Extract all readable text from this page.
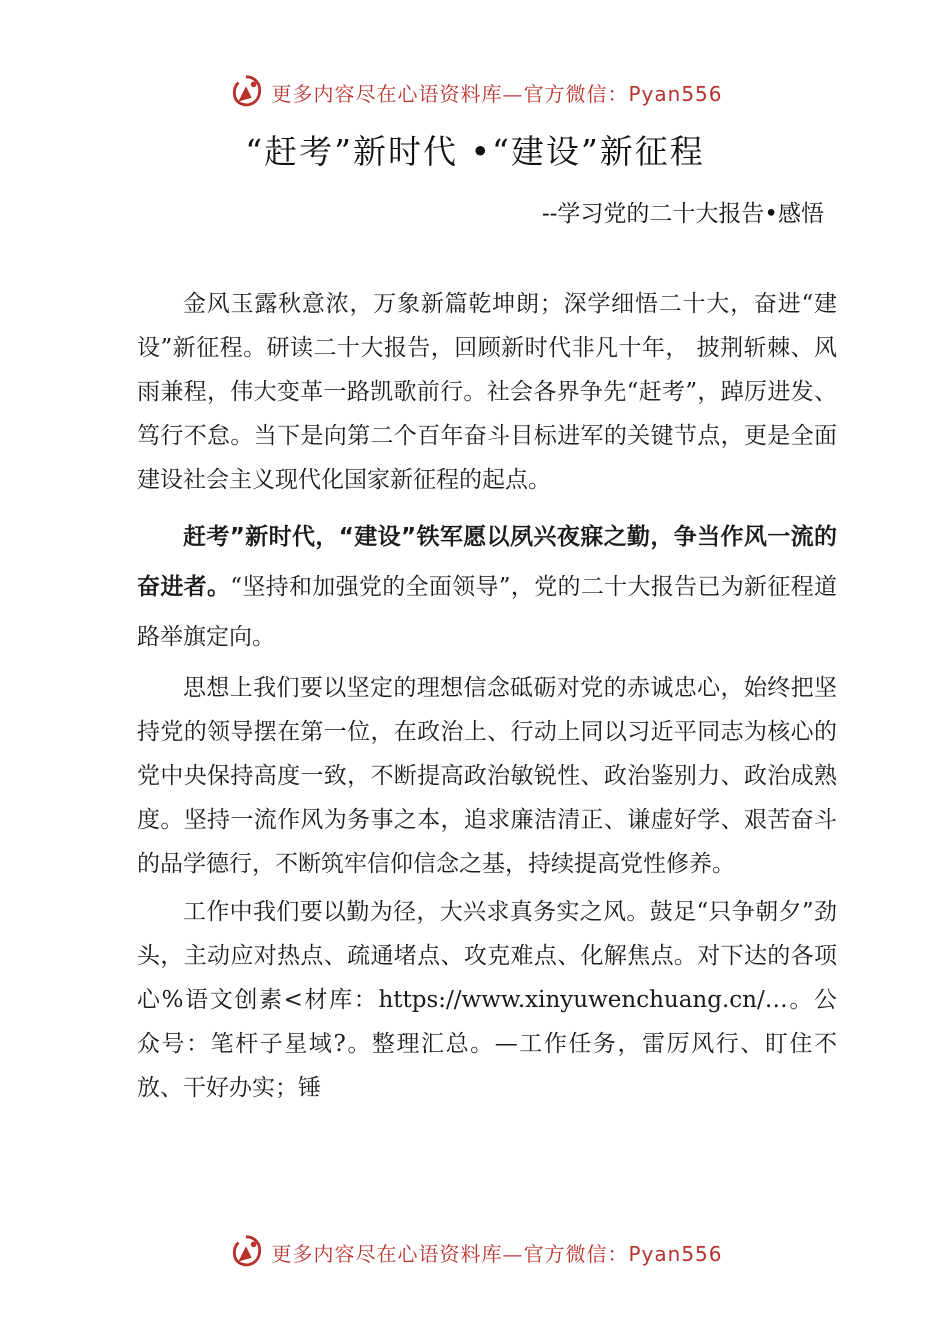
更多内容尽在心语资料库—官方微信：Pyan556
“赶考”新时代 •“建设”新征程
--学习党的二十大报告•感悟

金风玉露秋意浓，万象新篇乾坤朗；深学细悟二十大，奋进“建设”新征程。研读二十大报告，回顾新时代非凡十年， 披荆斩棘、风雨兼程，伟大变革一路凯歌前行。社会各界争先“赶考”，踔厉进发、笃行不怠。当下是向第二个百年奋斗目标进军的关键节点，更是全面建设社会主义现代化国家新征程的起点。

赶考”新时代，“建设”铁军愿以夙兴夜寐之勤，争当作风一流的奋进者。“坚持和加强党的全面领导”，党的二十大报告已为新征程道路举旗定向。

思想上我们要以坚定的理想信念砥砺对党的赤诚忠心，始终把坚持党的领导摆在第一位，在政治上、行动上同以习近平同志为核心的党中央保持高度一致，不断提高政治敏锐性、政治鉴别力、政治成熟度。坚持一流作风为务事之本，追求廉洁清正、谦虚好学、艰苦奋斗的品学德行，不断筑牢信仰信念之基，持续提高党性修养。

工作中我们要以勤为径，大兴求真务实之风。鼓足“只争朝夕”劲头，主动应对热点、疏通堵点、攻克难点、化解焦点。对下达的各项心%语文创素<材库：https://www.xinyuwenchuang.cn/…。公众号：笔杆子星域?。整理汇总。—工作任务，雷厉风行、盯住不放、干好办实；锤

更多内容尽在心语资料库—官方微信：Pyan556
